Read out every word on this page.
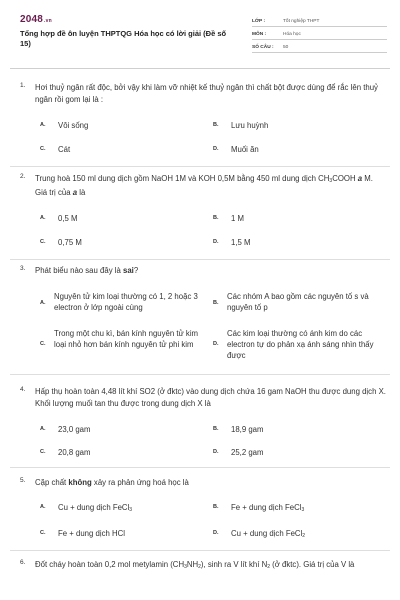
2048.vn
Tổng hợp đề ôn luyện THPTQG Hóa học có lời giải (Đề số 15)
LỚP :	Tốt nghiệp THPT
MÔN :	Hóa học
SỐ CÂU :	50
1. Hơi thuỷ ngân rất độc, bởi vậy khi làm vỡ nhiệt kế thuỷ ngân thì chất bột được dùng để rắc lên thuỷ ngân rồi gom lại là :
A. Vôi sống	B. Lưu huỳnh
C. Cát	D. Muối ăn
2. Trung hoà 150 ml dung dịch gồm NaOH 1M và KOH 0,5M bằng 450 ml dung dịch $CH_3COOH$ a M. Giá trị của a là
A. 0,5 M	B. 1 M
C. 0,75 M	D. 1,5 M
3. Phát biểu nào sau đây là sai?
A.
Nguyên tử kim loại thường có 1, 2 hoặc 3 electron ở lớp ngoài cùng	B.
Các nhóm A bao gồm các nguyên tố s và nguyên tố p
C.
Trong một chu kì, bán kính nguyên tử kim loại nhỏ hơn bán kính nguyên tử phi kim	D.
Các kim loại thường có ánh kim do các electron tự do phản xạ ánh sáng nhìn thấy được
4. Hấp thụ hoàn toàn 4,48 lít khí SO2 (ở đktc) vào dung dịch chứa 16 gam NaOH thu được dung dịch X. Khối lượng muối tan thu được trong dung dịch X là
A. 23,0 gam	B. 18,9 gam
C. 20,8 gam	D. 25,2 gam
5. Cặp chất không xảy ra phản ứng hoá học là
A. Cu + dung dịch FeCl$_3$	B. Fe + dung dịch FeCl$_3$
C. Fe + dung dịch HCl	D. Cu + dung dịch FeCl$_2$
6. Đốt cháy hoàn toàn 0,2 mol metylamin $(CH_3NH_2)$, sinh ra V lít khí $N_2$ (ở đktc). Giá trị của V là
